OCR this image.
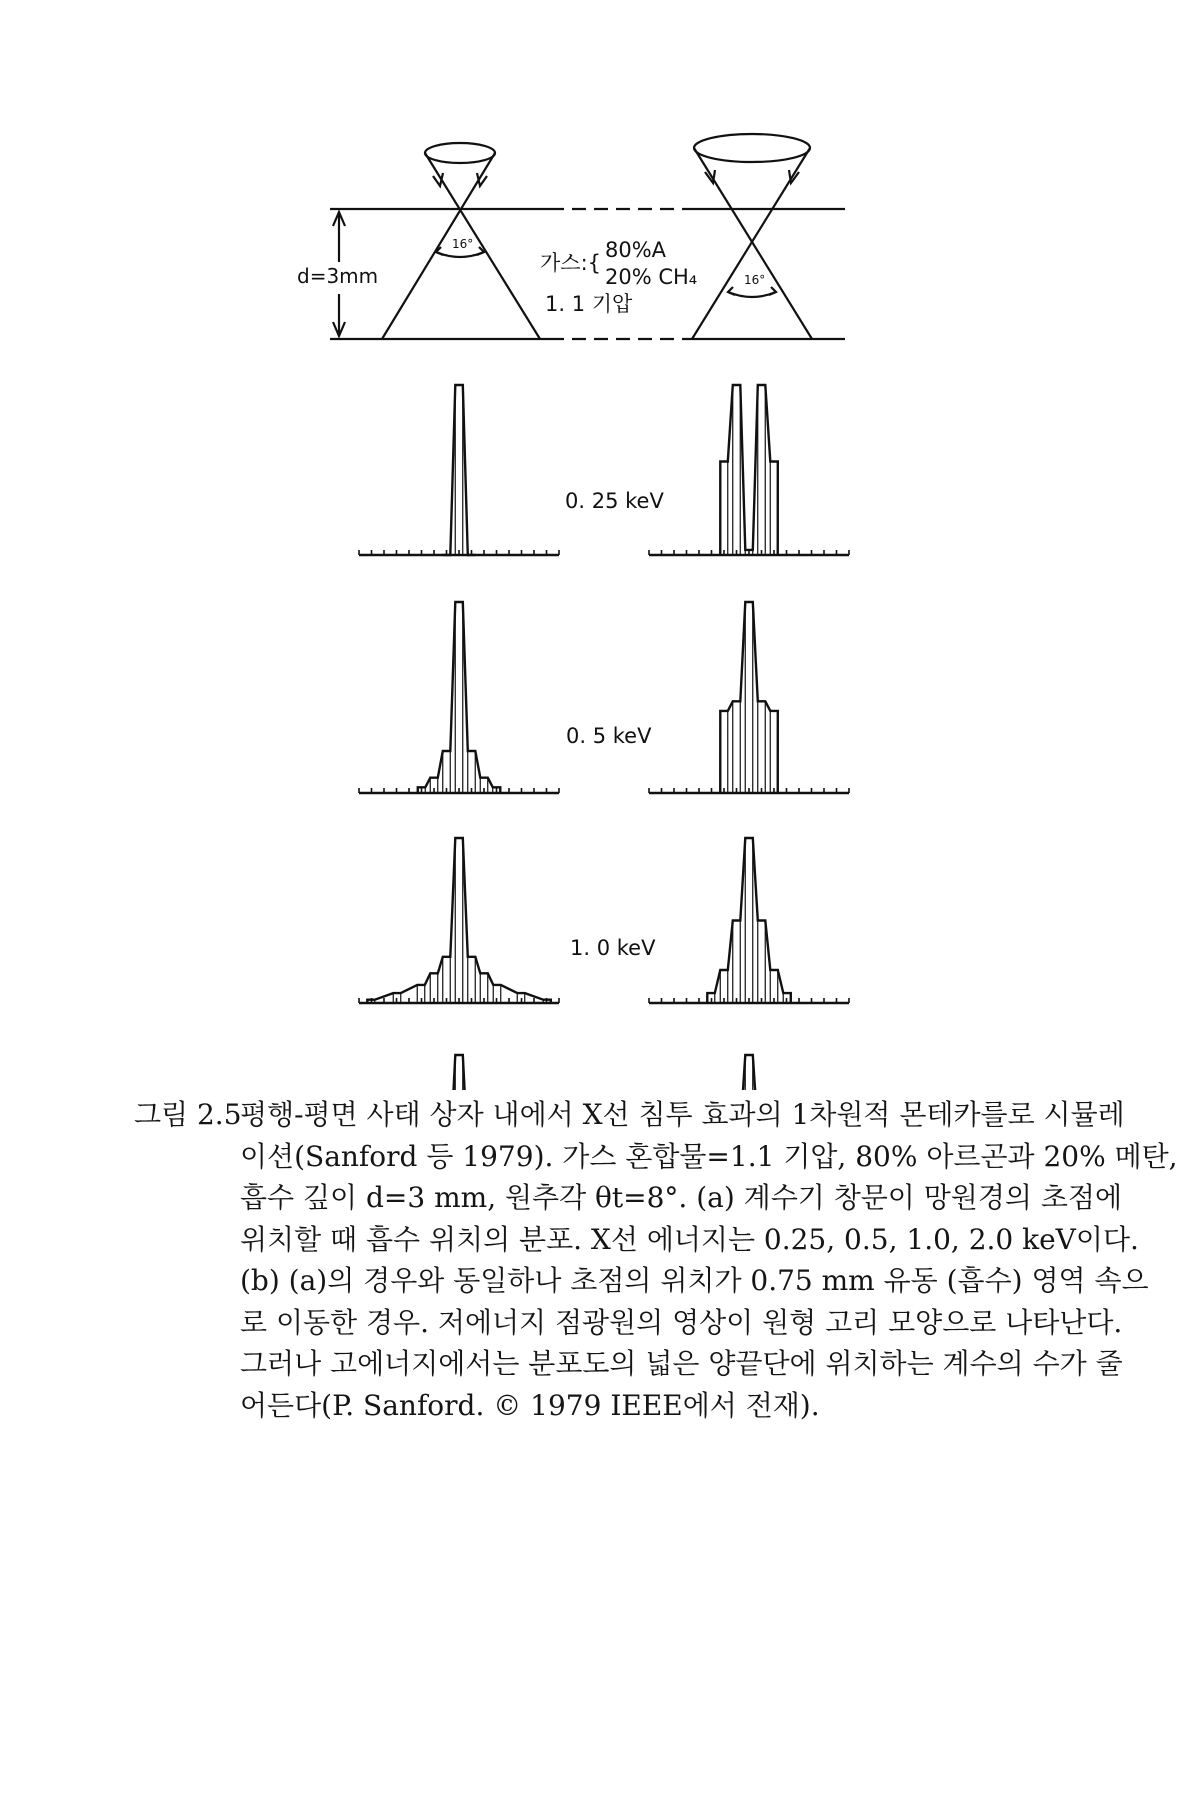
d=3mm
16°
16°
가스:{
80%A
20% CH₄
1. 1 기압
0. 25 keV
0. 5 keV
1. 0 keV
그림 2.5
평행-평면 사태 상자 내에서 X선 침투 효과의 1차원적 몬테카를로 시뮬레
이션(Sanford 등 1979). 가스 혼합물=1.1 기압, 80% 아르곤과 20% 메탄,
흡수 깊이 d=3 mm, 원추각 θt=8°. (a) 계수기 창문이 망원경의 초점에
위치할 때 흡수 위치의 분포. X선 에너지는 0.25, 0.5, 1.0, 2.0 keV이다.
(b) (a)의 경우와 동일하나 초점의 위치가 0.75 mm 유동 (흡수) 영역 속으
로 이동한 경우. 저에너지 점광원의 영상이 원형 고리 모양으로 나타난다.
그러나 고에너지에서는 분포도의 넓은 양끝단에 위치하는 계수의 수가 줄
어든다(P. Sanford. © 1979 IEEE에서 전재).
